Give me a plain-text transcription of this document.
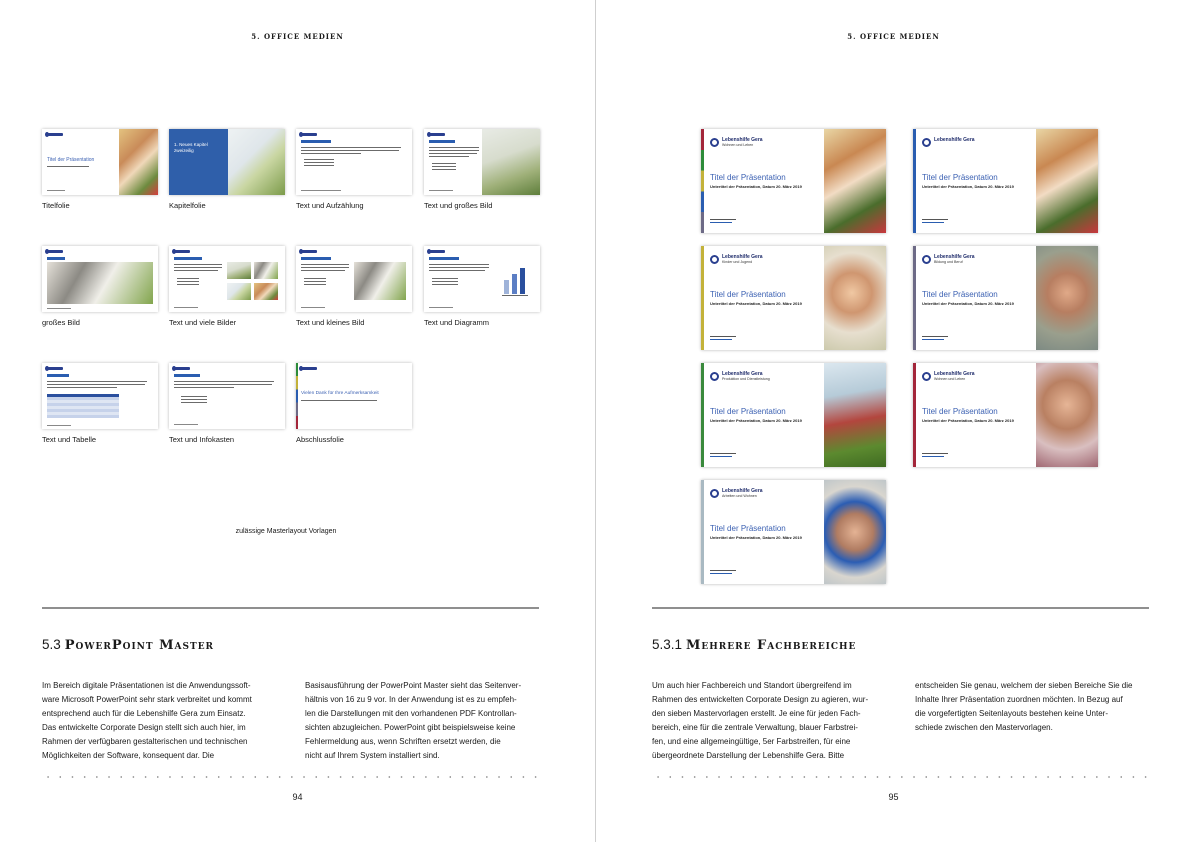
5. OFFICE MEDIEN
Titel der Präsentation
Titelfolie
1. Neues Kapitel zweizeilig
Kapitelfolie	Text und Aufzählung	Text und großes Bild
großes Bild	Text und viele Bilder	Text und kleines Bild	Text und Diagramm
Text und Tabelle	Text und Infokasten
Vielen Dank für Ihre Aufmerksamkeit
Abschlussfolie
zulässige Masterlayout Vorlagen
5.3 PowerPoint Master

Im Bereich digitale Präsentationen ist die Anwendungssoft-

ware Microsoft PowerPoint sehr stark verbreitet und kommt

entsprechend auch für die Lebenshilfe Gera zum Einsatz.

Das entwickelte Corporate Design stellt sich auch hier, im

Rahmen der verfügbaren gestalterischen und technischen

Möglichkeiten der Software, konsequent dar. Die

Basisausführung der PowerPoint Master sieht das Seitenver-

hältnis von 16 zu 9 vor. In der Anwendung ist es zu empfeh-

len die Darstellungen mit den vorhandenen PDF Kontrollan-

sichten abzugleichen. PowerPoint gibt beispielsweise keine

Fehlermeldung aus, wenn Schriften ersetzt werden, die

nicht auf Ihrem System installiert sind.

94
5. OFFICE MEDIEN
Lebenshilfe Gera
Wohnen und Leben
Titel der Präsentation
Untertitel der Präsentation, Datum 20. März 2019
Lebenshilfe Gera
Titel der Präsentation
Untertitel der Präsentation, Datum 20. März 2019
Lebenshilfe Gera
Kinder und Jugend
Titel der Präsentation
Untertitel der Präsentation, Datum 20. März 2019
Lebenshilfe Gera
Bildung und Beruf
Titel der Präsentation
Untertitel der Präsentation, Datum 20. März 2019
Lebenshilfe Gera
Produktion und Dienstleistung
Titel der Präsentation
Untertitel der Präsentation, Datum 20. März 2019
Lebenshilfe Gera
Wohnen und Leben
Titel der Präsentation
Untertitel der Präsentation, Datum 20. März 2019
Lebenshilfe Gera
Arbeiten und Wohnen
Titel der Präsentation
Untertitel der Präsentation, Datum 20. März 2019
5.3.1 Mehrere Fachbereiche

Um auch hier Fachbereich und Standort übergreifend im

Rahmen des entwickelten Corporate Design zu agieren, wur-

den sieben Mastervorlagen erstellt. Je eine für jeden Fach-

bereich, eine für die zentrale Verwaltung, blauer Farbstrei-

fen, und eine allgemeingültige, 5er Farbstreifen, für eine

übergeordnete Darstellung der Lebenshilfe Gera. Bitte

entscheiden Sie genau, welchem der sieben Bereiche Sie die

Inhalte Ihrer Präsentation zuordnen möchten. In Bezug auf

die vorgefertigten Seitenlayouts bestehen keine Unter-

schiede zwischen den Mastervorlagen.

95
